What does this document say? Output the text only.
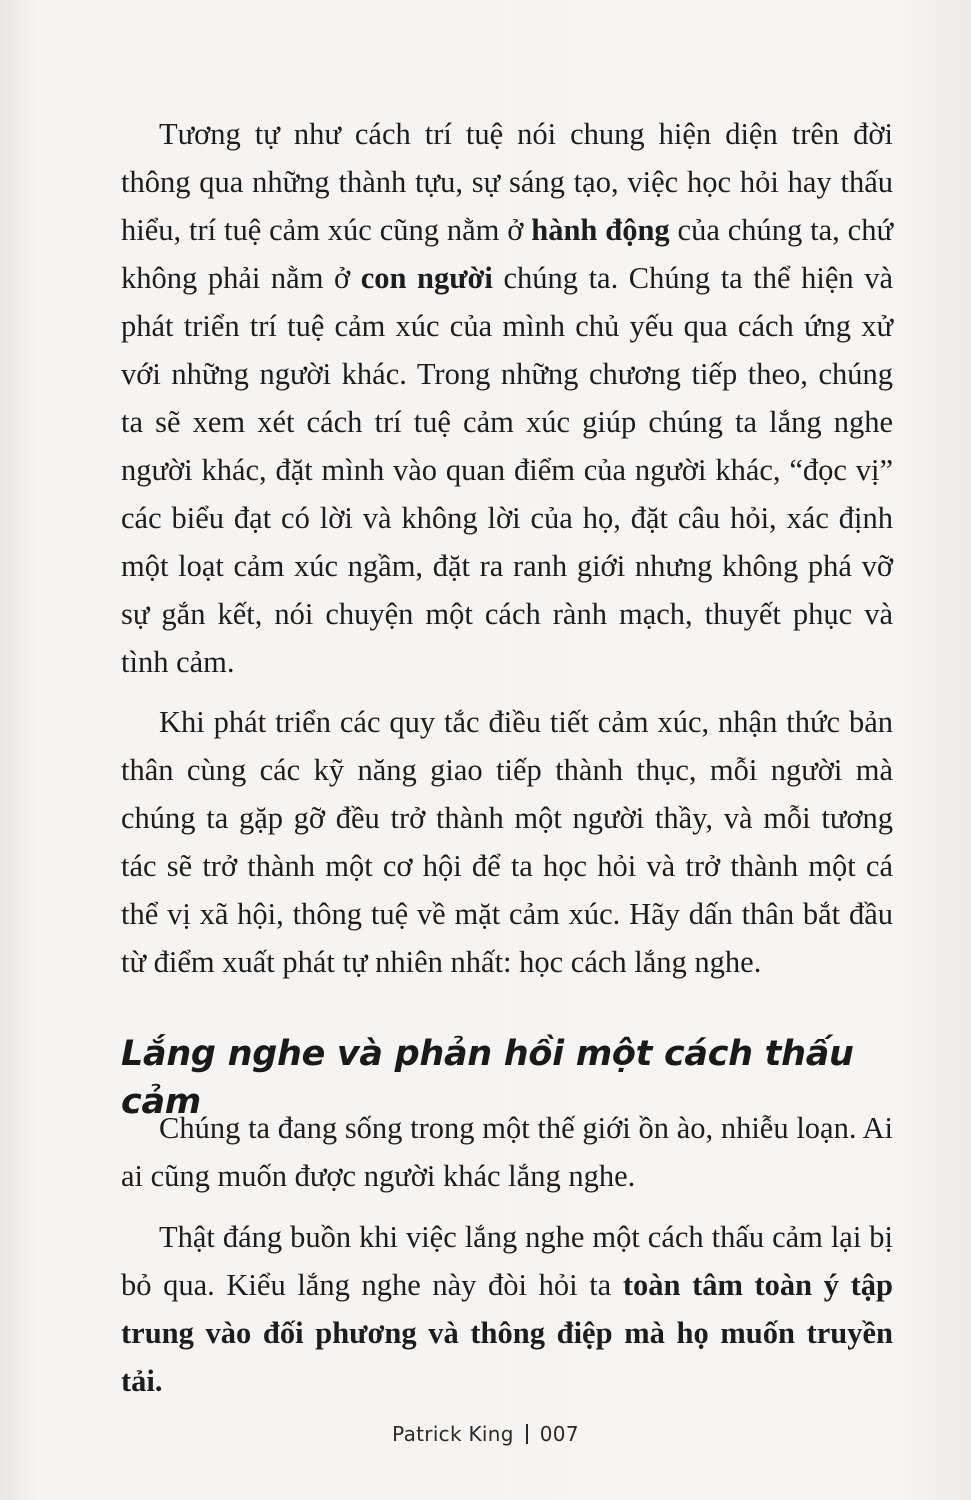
Tương tự như cách trí tuệ nói chung hiện diện trên đời thông qua những thành tựu, sự sáng tạo, việc học hỏi hay thấu hiểu, trí tuệ cảm xúc cũng nằm ở hành động của chúng ta, chứ không phải nằm ở con người chúng ta. Chúng ta thể hiện và phát triển trí tuệ cảm xúc của mình chủ yếu qua cách ứng xử với những người khác. Trong những chương tiếp theo, chúng ta sẽ xem xét cách trí tuệ cảm xúc giúp chúng ta lắng nghe người khác, đặt mình vào quan điểm của người khác, “đọc vị” các biểu đạt có lời và không lời của họ, đặt câu hỏi, xác định một loạt cảm xúc ngầm, đặt ra ranh giới nhưng không phá vỡ sự gắn kết, nói chuyện một cách rành mạch, thuyết phục và tình cảm.

Khi phát triển các quy tắc điều tiết cảm xúc, nhận thức bản thân cùng các kỹ năng giao tiếp thành thục, mỗi người mà chúng ta gặp gỡ đều trở thành một người thầy, và mỗi tương tác sẽ trở thành một cơ hội để ta học hỏi và trở thành một cá thể vị xã hội, thông tuệ về mặt cảm xúc. Hãy dấn thân bắt đầu từ điểm xuất phát tự nhiên nhất: học cách lắng nghe.

Lắng nghe và phản hồi một cách thấu cảm

Chúng ta đang sống trong một thế giới ồn ào, nhiễu loạn. Ai ai cũng muốn được người khác lắng nghe.

Thật đáng buồn khi việc lắng nghe một cách thấu cảm lại bị bỏ qua. Kiểu lắng nghe này đòi hỏi ta toàn tâm toàn ý tập trung vào đối phương và thông điệp mà họ muốn truyền tải.

Patrick King 007
